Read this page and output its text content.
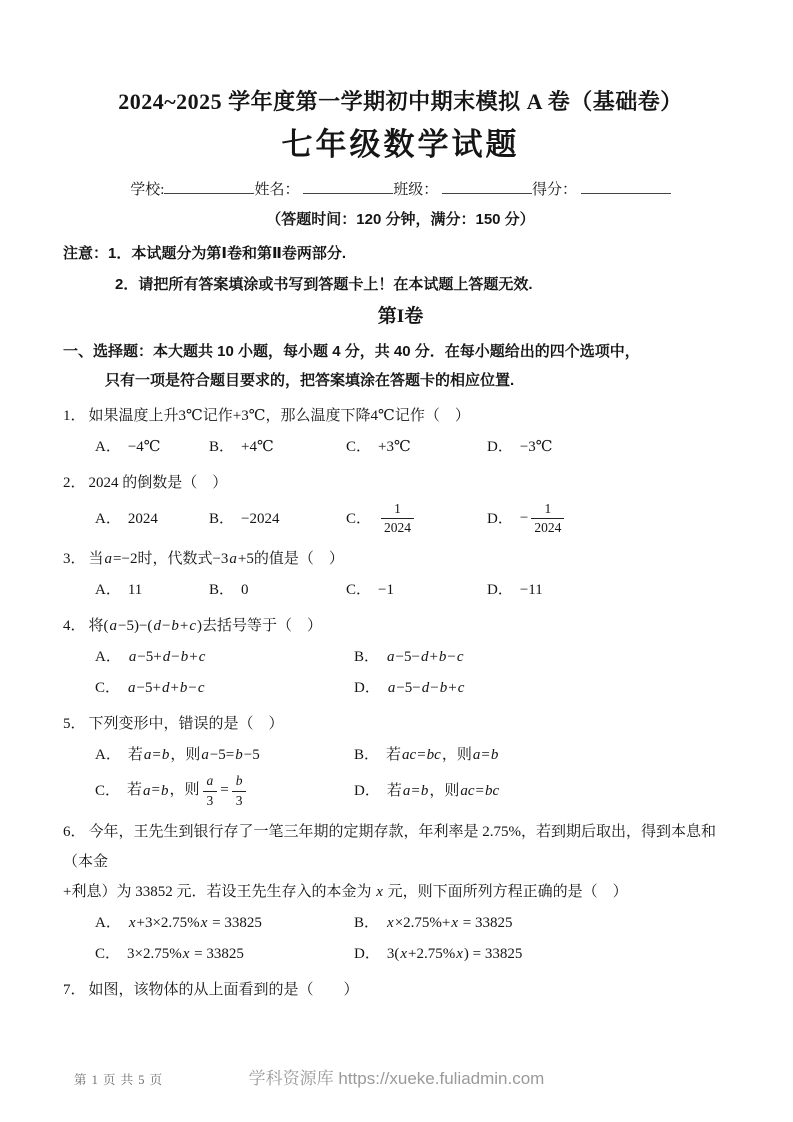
2024~2025 学年度第一学期初中期末模拟 A 卷（基础卷）
七年级数学试题
学校:	姓名：	班级：	得分：
（答题时间：120 分钟，满分：150 分）
注意：1．本试题分为第Ⅰ卷和第Ⅱ卷两部分.
2．请把所有答案填涂或书写到答题卡上！在本试题上答题无效.
第I卷
一、选择题：本大题共 10 小题，每小题 4 分，共 40 分．在每小题给出的四个选项中，
只有一项是符合题目要求的，把答案填涂在答题卡的相应位置.
1． 如果温度上升3℃记作+3℃，那么温度下降4℃记作（　）
A． −4℃	B． +4℃	C． +3℃	D． −3℃
2． 2024 的倒数是（　）
A． 2024	B． −2024	C． $\frac{1}{2024}$	D． − $\frac{1}{2024}$
3． 当a=−2时，代数式−3a+5的值是（　）
A． 11	B． 0	C． −1	D． −11
4． 将(a−5)−(d−b+c)去括号等于（　）
A． a−5+d−b+c	B． a−5−d+b−c
C． a−5+d+b−c	D． a−5−d−b+c
5． 下列变形中，错误的是（　）
A． 若a=b，则a−5=b−5	B． 若ac=bc，则a=b
C． 若a=b，则 $\frac{a}{3} = \frac{b}{3}$	D． 若a=b，则ac=bc
6． 今年，王先生到银行存了一笔三年期的定期存款，年利率是 2.75%，若到期后取出，得到本息和（本金
+利息）为 33852 元．若设王先生存入的本金为 x 元，则下面所列方程正确的是（　）
A． x+3×2.75%x = 33825	B． x×2.75%+x = 33825
C． 3×2.75%x = 33825	D． 3(x+2.75%x) = 33825
7． 如图，该物体的从上面看到的是（　　）
第 1 页 共 5 页	学科资源库 https://xueke.fuliadmin.com
